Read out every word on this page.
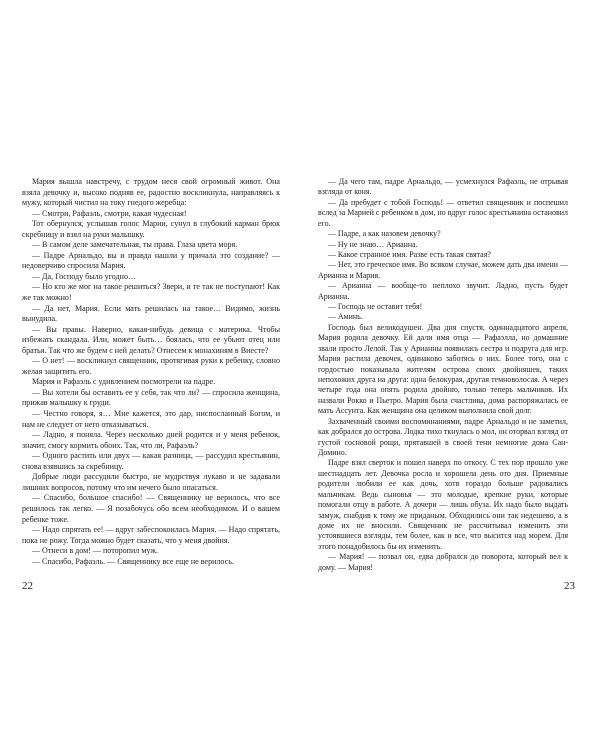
Мария вышла навстречу, с трудом неся свой огромный живот. Она взяла девочку и, высоко подняв ее, радостно воскликнула, направляясь к мужу, который чистил на току гнедого жеребца:

— Смотри, Рафаэль, смотри, какая чудесная!

Тот обернулся, услышав голос Марии, сунул в глубокий карман брюк скребницу и взял на руки малышку.

— В самом деле замечательная, ты права. Глаза цвета моря.

— Падре Арнальдо, вы и правда нашли у причала это создание? — недоверчиво спросила Мария.

— Да, Господу было угодно…

— Но кто же мог на такое решиться? Звери, и те так не поступают! Как же так можно!

— Да нет, Мария. Если мать решилась на такое… Видимо, жизнь вынудила.

— Вы правы. Наверно, какая-нибудь девица с материка. Чтобы избежать скандала. Или, может быть… боялась, что ее убьют отец или братья. Так что же будем с ней делать? Отнесем к монахиням в Виесте?

— О нет! — воскликнул священник, протягивая руки к ребенку, словно желая защитить его.

Мария и Рафаэль с удивлением посмотрели на падре.

— Вы хотели бы оставить ее у себя, так что ли? — спросила женщина, прижав малышку к груди.

— Честно говоря, я… Мне кажется, это дар, ниспосланный Богом, и нам не следует от него отказываться.

— Ладно, я поняла. Через несколько дней родится и у меня ребенок, значит, смогу кормить обоих. Так, что ли, Рафаэль?

— Одного растить или двух — какая разница, — рассудил крестьянин, снова взявшись за скребницу.

Добрые люди рассудили быстро, не мудрствуя лукаво и не задавали лишних вопросов, потому что им нечего было опасаться.

— Спасибо, большое спасибо! — Священнику не верилось, что все решилось так легко. — Я позабочусь обо всем необходимом. И о вашем ребенке тоже.

— Надо спрятать ее! — вдруг забеспокоилась Мария. — Надо спрятать, пока не рожу. Тогда можно будет сказать, что у меня двойня.

— Отнеси в дом! — поторопил муж.

— Спасибо, Рафаэль. — Священнику все еще не верилось.

22

— Да чего там, падре Арнальдо, — усмехнулся Рафаэль, не отрывая взгляда от коня.

— Да пребудет с тобой Господь! — ответил священник и поспешил вслед за Марией с ребенком в дом, но вдруг голос крестьянина остановил его.

— Падре, а как назовем девочку?

— Ну не знаю… Арианна.

— Какое странное имя. Разве есть такая святая?

— Нет, это греческое имя. Во всяком случае, можем дать два имени — Арианна и Мария.

— Арианна — вообще-то неплохо звучит. Ладно, пусть будет Арианна.

— Господь не оставит тебя!

— Аминь.

Господь был великодушен. Два дня спустя, одиннадцатого апреля, Мария родила девочку. Ей дали имя отца — Рафаэлла, но домашние звали просто Лелой. Так у Арианны появилась сестра и подруга для игр. Мария растила девочек, одинаково заботясь о них. Более того, она с гордостью показывала жителям острова своих двойняшек, таких непохожих друга на друга: одна белокурая, другая темноволосая. А через четыре года она опять родила двойню, только теперь мальчиков. Их назвали Рокко и Пьетро. Мария была счастлива, дома распоряжалась ее мать Ассунта. Как женщина она целиком выполнила свой долг.

Захваченный своими воспоминаниями, падре Арнальдо и не заметил, как добрался до острова. Лодка тихо ткнулась о мол, он оторвал взгляд от густой сосновой рощи, прятавшей в своей тени немногие дома Сан-Домино.

Падре взял сверток и пошел наверх по откосу. С тех пор прошло уже шестнадцать лет. Девочка росла и хорошела день ото дня. Приемные родители любили ее как дочь, хотя гораздо больше радовались мальчикам. Ведь сыновья — это молодые, крепкие руки, которые помогали отцу в работе. А дочери — лишь обуза. Их надо было выдать замуж, снабдив к тому же приданым. Обходились они так недешево, а в доме их не вносили. Священник не рассчитывал изменить эти устоявшиеся взгляды, тем более, как и все, что высится над морем. Для этого понадобилось бы их изменить.

— Мария! — позвал он, едва добрался до поворота, который вел к дому. — Мария!

23
